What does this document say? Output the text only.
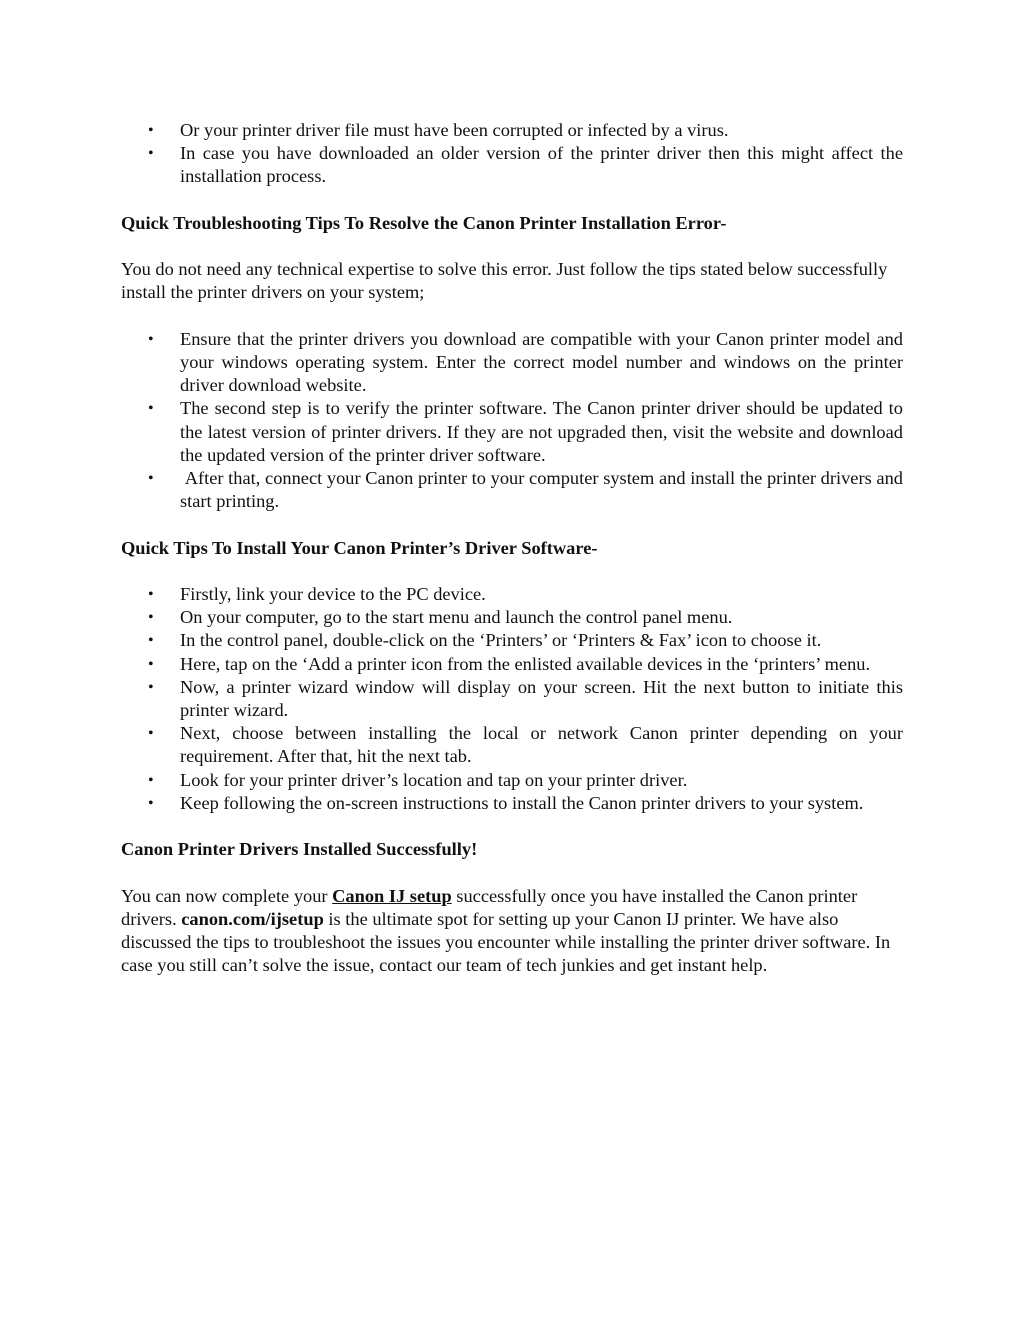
• Or your printer driver file must have been corrupted or infected by a virus.
• In case you have downloaded an older version of the printer driver then this might affect the installation process.

Quick Troubleshooting Tips To Resolve the Canon Printer Installation Error-

You do not need any technical expertise to solve this error. Just follow the tips stated below successfully install the printer drivers on your system;

• Ensure that the printer drivers you download are compatible with your Canon printer model and your windows operating system. Enter the correct model number and windows on the printer driver download website.
• The second step is to verify the printer software. The Canon printer driver should be updated to the latest version of printer drivers. If they are not upgraded then, visit the website and download the updated version of the printer driver software.
• After that, connect your Canon printer to your computer system and install the printer drivers and start printing.

Quick Tips To Install Your Canon Printer’s Driver Software-

• Firstly, link your device to the PC device.
• On your computer, go to the start menu and launch the control panel menu.
• In the control panel, double-click on the ‘Printers’ or ‘Printers & Fax’ icon to choose it.
• Here, tap on the ‘Add a printer icon from the enlisted available devices in the ‘printers’ menu.
• Now, a printer wizard window will display on your screen. Hit the next button to initiate this printer wizard.
• Next, choose between installing the local or network Canon printer depending on your requirement. After that, hit the next tab.
• Look for your printer driver’s location and tap on your printer driver.
• Keep following the on-screen instructions to install the Canon printer drivers to your system.

Canon Printer Drivers Installed Successfully!

You can now complete your Canon IJ setup successfully once you have installed the Canon printer drivers. canon.com/ijsetup is the ultimate spot for setting up your Canon IJ printer. We have also discussed the tips to troubleshoot the issues you encounter while installing the printer driver software. In case you still can’t solve the issue, contact our team of tech junkies and get instant help.
